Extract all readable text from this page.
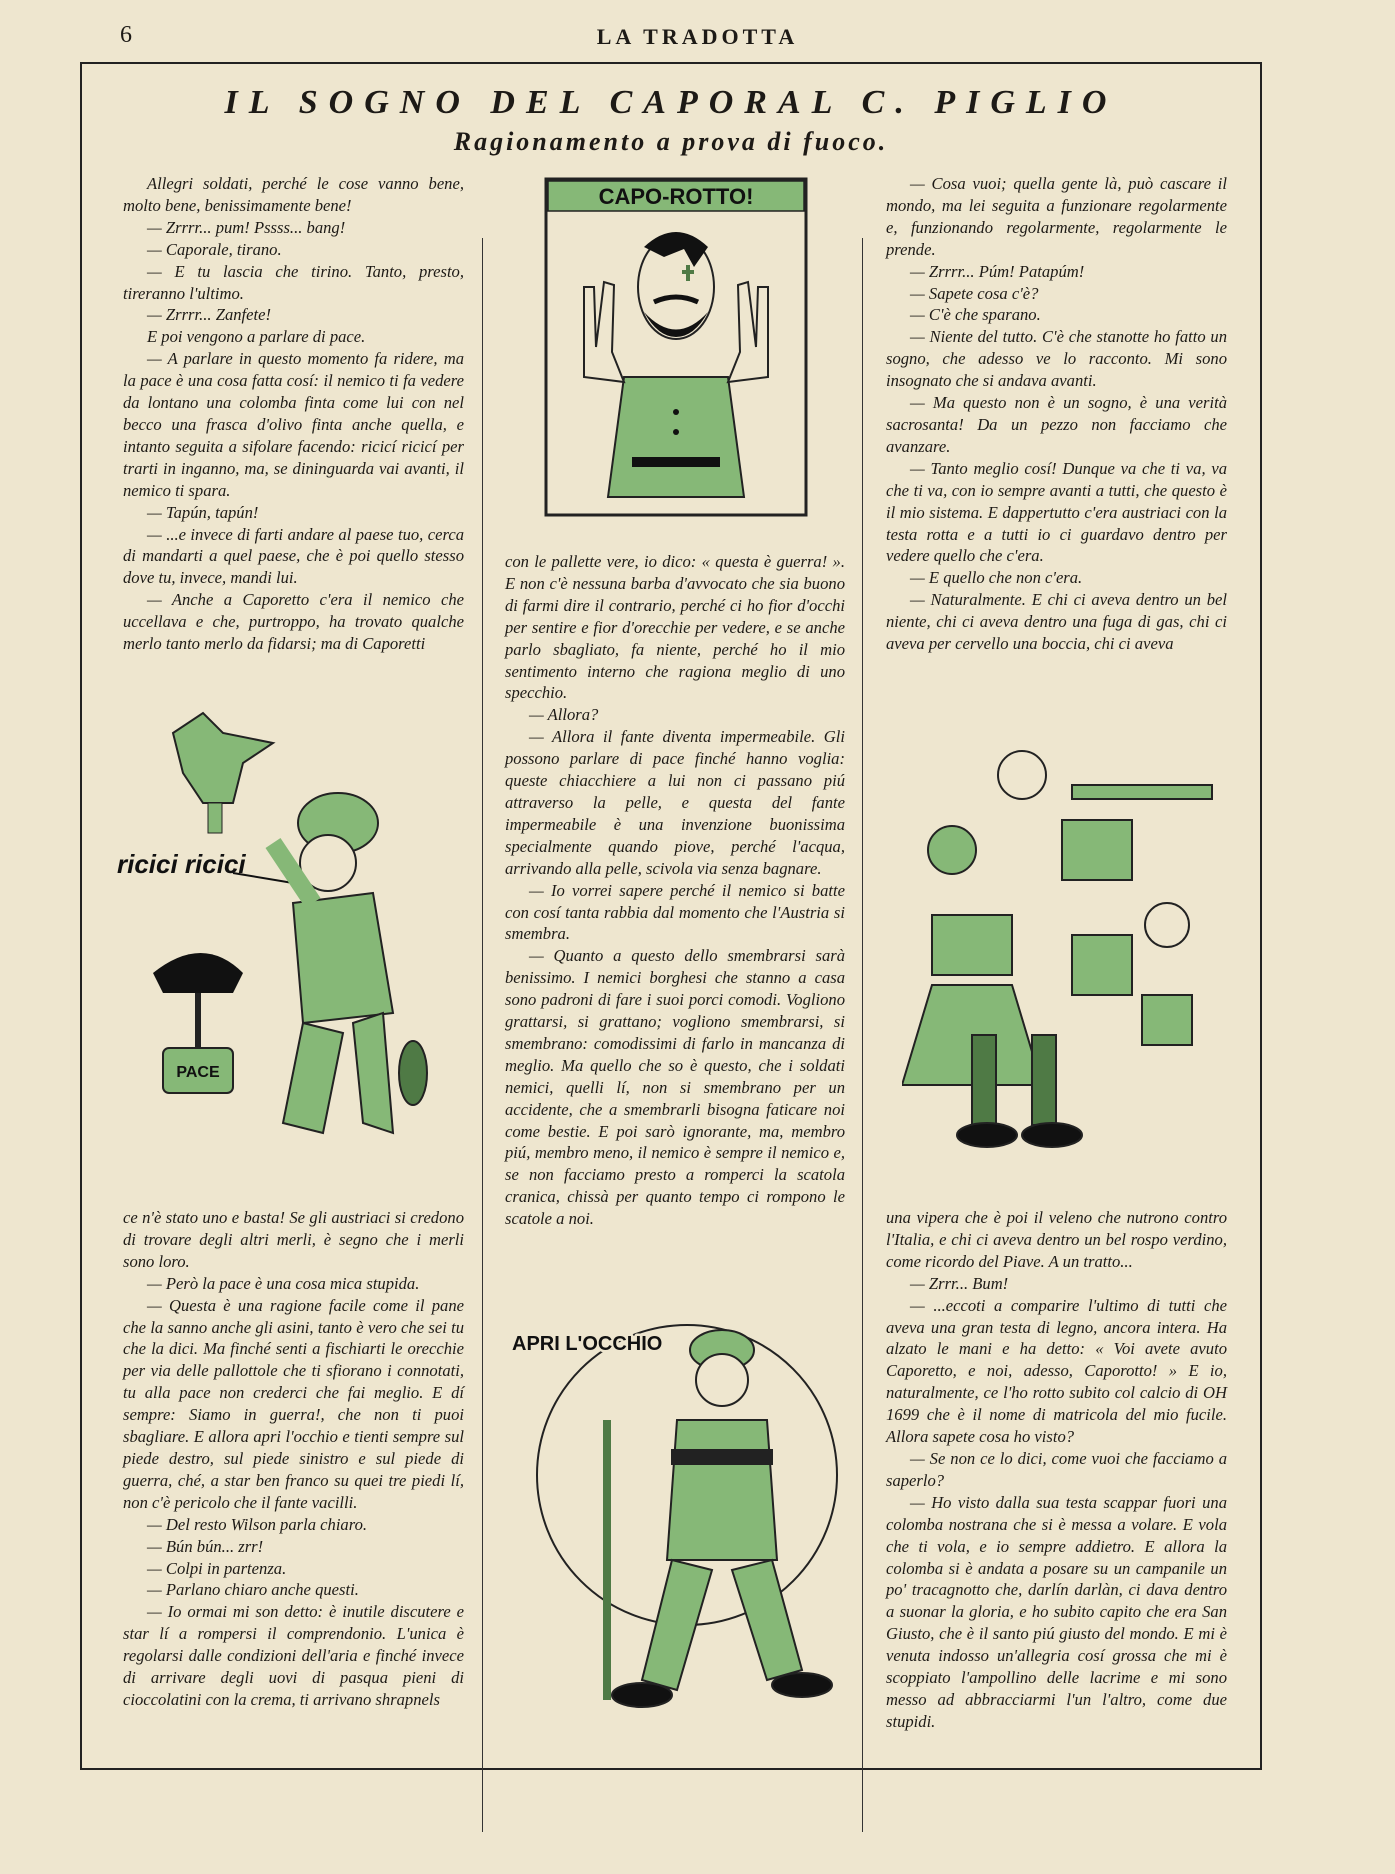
6	LA TRADOTTA
IL SOGNO DEL CAPORAL C. PIGLIO
Ragionamento a prova di fuoco.

Allegri soldati, perché le cose vanno bene, molto bene, benissimamente bene!

— Zrrrr... pum! Pssss... bang!

— Caporale, tirano.

— E tu lascia che tirino. Tanto, presto, tireranno l'ultimo.

— Zrrrr... Zanfete!

E poi vengono a parlare di pace.

— A parlare in questo momento fa ridere, ma la pace è una cosa fatta cosí: il nemico ti fa vedere da lontano una colomba finta come lui con nel becco una frasca d'olivo finta anche quella, e intanto seguita a sifolare facendo: ricicí ricicí per trarti in inganno, ma, se dininguarda vai avanti, il nemico ti spara.

— Tapún, tapún!

— ...e invece di farti andare al paese tuo, cerca di mandarti a quel paese, che è poi quello stesso dove tu, invece, mandi lui.

— Anche a Caporetto c'era il nemico che uccellava e che, purtroppo, ha trovato qualche merlo tanto merlo da fidarsi; ma di Caporetti

ce n'è stato uno e basta! Se gli austriaci si credono di trovare degli altri merli, è segno che i merli sono loro.

— Però la pace è una cosa mica stupida.

— Questa è una ragione facile come il pane che la sanno anche gli asini, tanto è vero che sei tu che la dici. Ma finché senti a fischiarti le orecchie per via delle pallottole che ti sfiorano i connotati, tu alla pace non crederci che fai meglio. E dí sempre: Siamo in guerra!, che non ti puoi sbagliare. E allora apri l'occhio e tienti sempre sul piede destro, sul piede sinistro e sul piede di guerra, ché, a star ben franco su quei tre piedi lí, non c'è pericolo che il fante vacilli.

— Del resto Wilson parla chiaro.

— Bún bún... zrr!

— Colpi in partenza.

— Parlano chiaro anche questi.

— Io ormai mi son detto: è inutile discutere e star lí a rompersi il comprendonio. L'unica è regolarsi dalle condizioni dell'aria e finché invece di arrivare degli uovi di pasqua pieni di cioccolatini con la crema, ti arrivano shrapnels

con le pallette vere, io dico: « questa è guerra! ». E non c'è nessuna barba d'avvocato che sia buono di farmi dire il contrario, perché ci ho fior d'occhi per sentire e fior d'orecchie per vedere, e se anche parlo sbagliato, fa niente, perché ho il mio sentimento interno che ragiona meglio di uno specchio.

— Allora?

— Allora il fante diventa impermeabile. Gli possono parlare di pace finché hanno voglia: queste chiacchiere a lui non ci passano piú attraverso la pelle, e questa del fante impermeabile è una invenzione buonissima specialmente quando piove, perché l'acqua, arrivando alla pelle, scivola via senza bagnare.

— Io vorrei sapere perché il nemico si batte con cosí tanta rabbia dal momento che l'Austria si smembra.

— Quanto a questo dello smembrarsi sarà benissimo. I nemici borghesi che stanno a casa sono padroni di fare i suoi porci comodi. Vogliono grattarsi, si grattano; vogliono smembrarsi, si smembrano: comodissimi di farlo in mancanza di meglio. Ma quello che so è questo, che i soldati nemici, quelli lí, non si smembrano per un accidente, che a smembrarli bisogna faticare noi come bestie. E poi sarò ignorante, ma, membro piú, membro meno, il nemico è sempre il nemico e, se non facciamo presto a romperci la scatola cranica, chissà per quanto tempo ci rompono le scatole a noi.

— Cosa vuoi; quella gente là, può cascare il mondo, ma lei seguita a funzionare regolarmente e, funzionando regolarmente, regolarmente le prende.

— Zrrrr... Púm! Patapúm!

— Sapete cosa c'è?

— C'è che sparano.

— Niente del tutto. C'è che stanotte ho fatto un sogno, che adesso ve lo racconto. Mi sono insognato che si andava avanti.

— Ma questo non è un sogno, è una verità sacrosanta! Da un pezzo non facciamo che avanzare.

— Tanto meglio cosí! Dunque va che ti va, va che ti va, con io sempre avanti a tutti, che questo è il mio sistema. E dappertutto c'era austriaci con la testa rotta e a tutti io ci guardavo dentro per vedere quello che c'era.

— E quello che non c'era.

— Naturalmente. E chi ci aveva dentro un bel niente, chi ci aveva dentro una fuga di gas, chi ci aveva per cervello una boccia, chi ci aveva

una vipera che è poi il veleno che nutrono contro l'Italia, e chi ci aveva dentro un bel rospo verdino, come ricordo del Piave. A un tratto...

— Zrrr... Bum!

— ...eccoti a comparire l'ultimo di tutti che aveva una gran testa di legno, ancora intera. Ha alzato le mani e ha detto: « Voi avete avuto Caporetto, e noi, adesso, Caporotto! » E io, naturalmente, ce l'ho rotto subito col calcio di OH 1699 che è il nome di matricola del mio fucile. Allora sapete cosa ho visto?

— Se non ce lo dici, come vuoi che facciamo a saperlo?

— Ho visto dalla sua testa scappar fuori una colomba nostrana che si è messa a volare. E vola che ti vola, e io sempre addietro. E allora la colomba si è andata a posare su un campanile un po' tracagnotto che, darlín darlàn, ci dava dentro a suonar la gloria, e ho subito capito che era San Giusto, che è il santo piú giusto del mondo. E mi è venuta indosso un'allegria cosí grossa che mi è scoppiato l'ampollino delle lacrime e mi sono messo ad abbracciarmi l'un l'altro, come due stupidi.

CAPO-ROTTO!
ricici ricici
PACE
APRI L'OCCHIO
